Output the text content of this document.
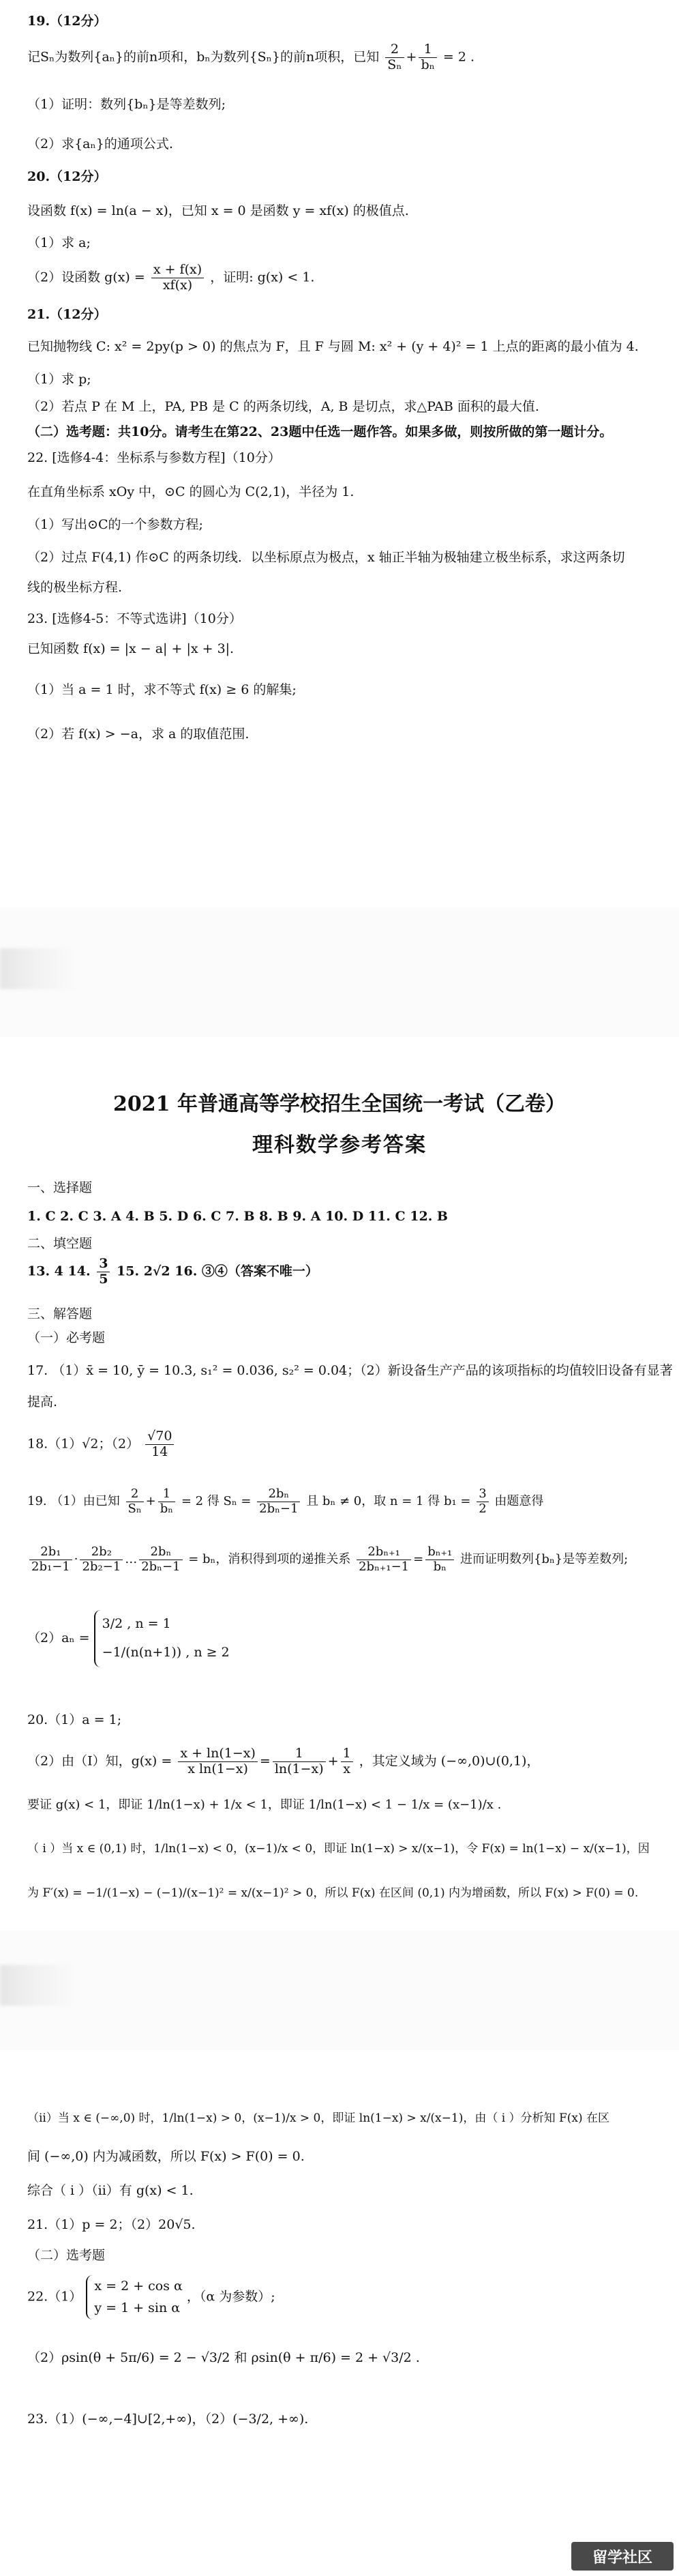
19.（12分）
记Sₙ为数列{aₙ}的前n项和，bₙ为数列{Sₙ}的前n项积，已知 $\frac{2}{\text{Sₙ}} + \frac{1}{\text{bₙ}} = 2$ .
（1）证明：数列{bₙ}是等差数列;
（2）求{aₙ}的通项公式.
20.（12分）
设函数 f(x) = ln(a − x)，已知 x = 0 是函数 y = xf(x) 的极值点.
（1）求 a;
（2）设函数 $g(x) = \frac{x + f(x)}{xf(x)}$ ，证明: g(x) < 1.
21.（12分）
已知抛物线 C: x² = 2py(p > 0) 的焦点为 F，且 F 与圆 M: x² + (y + 4)² = 1 上点的距离的最小值为 4.
（1）求 p;
（2）若点 P 在 M 上，PA, PB 是 C 的两条切线，A, B 是切点，求△PAB 面积的最大值.
（二）选考题：共10分。请考生在第22、23题中任选一题作答。如果多做，则按所做的第一题计分。
22. [选修4-4：坐标系与参数方程]（10分）
在直角坐标系 xOy 中，⊙C 的圆心为 C(2,1)，半径为 1.
（1）写出⊙C的一个参数方程;
（2）过点 F(4,1) 作⊙C 的两条切线．以坐标原点为极点，x 轴正半轴为极轴建立极坐标系，求这两条切
线的极坐标方程.
23. [选修4-5：不等式选讲]（10分）
已知函数 f(x) = |x − a| + |x + 3|.
（1）当 a = 1 时，求不等式 f(x) ≥ 6 的解集;
（2）若 f(x) > −a，求 a 的取值范围.
2021 年普通高等学校招生全国统一考试（乙卷）
理科数学参考答案
一、选择题
1. C 2. C 3. A 4. B 5. D 6. C 7. B 8. B 9. A 10. D 11. C 12. B
二、填空题
13. 4 14. $\frac{3}{5} 15$. 2√2 16. ③④（答案不唯一）
三、解答题
（一）必考题
17. （1）x̄ = 10, ȳ = 10.3, s₁² = 0.036, s₂² = 0.04；（2）新设备生产产品的该项指标的均值较旧设备有显著
提高.
18.（1）√2；$(2) \frac{√70}{14}$
19. （1）由已知 $\frac{2}{\text{Sₙ}} + \frac{1}{\text{bₙ}} = 2$ 得 $S_n = \frac{\text{2bₙ}}{\text{2bₙ−1}}$ 且 bₙ ≠ 0，取 n = 1 得 $b_1 = \frac{3}{2}$ 由题意得
$\frac{\text{2b₁}}{\text{2b₁−1}} \cdot \frac{\text{2b₂}}{\text{2b₂−1}}$ … $\frac{\text{2bₙ}}{\text{2bₙ−1}} = b_n$，消积得到项的递推关系 $\frac{\text{2bₙ₊₁}}{\text{2bₙ₊₁−1}} = \frac{\text{bₙ₊₁}}{\text{bₙ}}$ 进而证明数列{bₙ}是等差数列;
（2）aₙ =
3/2 , n = 1
−1/(n(n+1)) , n ≥ 2
20.（1）a = 1;
（2）由（I）知，$g(x) = \frac{x + \ln(1-x)}{\text{x ln(1−x)}} = \frac{1}{\ln(1-x)} + \frac{1}{x}$ ，其定义域为 (−∞,0)∪(0,1)，
要证 g(x) < 1，即证 1/ln(1−x) + 1/x < 1，即证 1/ln(1−x) < 1 − 1/x = (x−1)/x .
（ i ）当 x ∈ (0,1) 时，1/ln(1−x) < 0，(x−1)/x < 0，即证 ln(1−x) > x/(x−1)，令 F(x) = ln(1−x) − x/(x−1)，因
为 F′(x) = −1/(1−x) − (−1)/(x−1)² = x/(x−1)² > 0，所以 F(x) 在区间 (0,1) 内为增函数，所以 F(x) > F(0) = 0.
（ii）当 x ∈ (−∞,0) 时，1/ln(1−x) > 0，(x−1)/x > 0，即证 ln(1−x) > x/(x−1)，由（ i ）分析知 F(x) 在区
间 (−∞,0) 内为减函数，所以 F(x) > F(0) = 0.
综合（ i ）（ii）有 g(x) < 1.
21.（1）p = 2；（2）20√5.
（二）选考题
22.（1）
x = 2 + cos α
y = 1 + sin α
，（α 为参数）;
（2）ρsin(θ + 5π/6) = 2 − √3/2 和 ρsin(θ + π/6) = 2 + √3/2 .
23.（1）(−∞,−4]∪[2,+∞)，（2）(−3/2, +∞).
留学社区
